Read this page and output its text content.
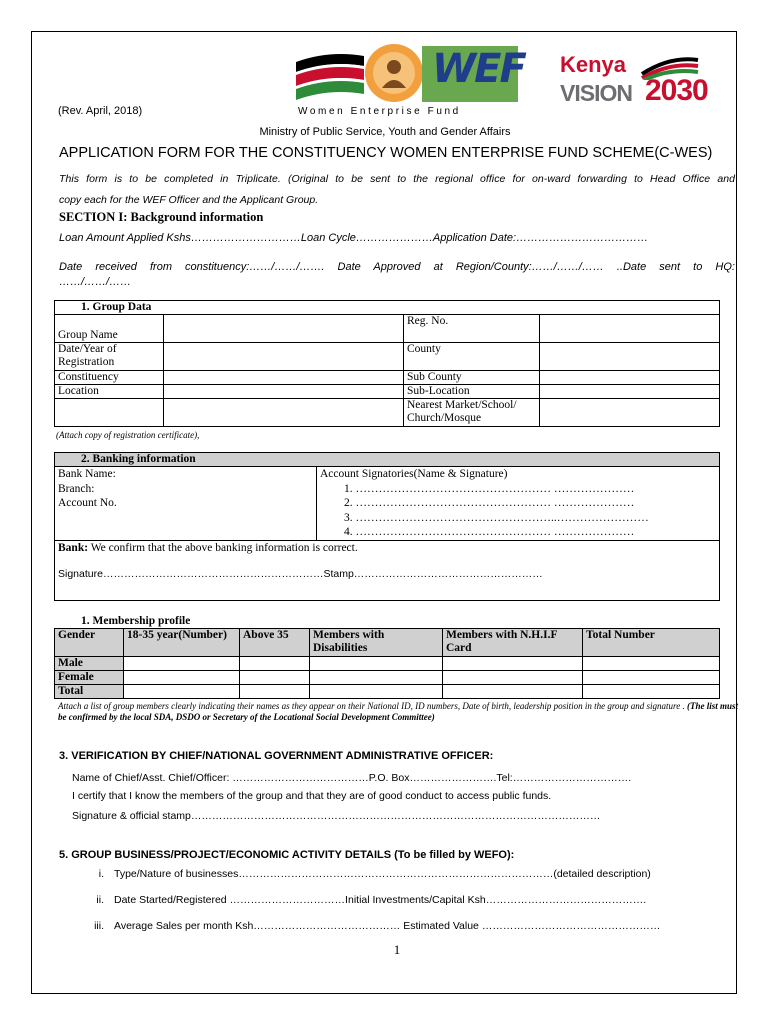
WEF
Women Enterprise Fund
Kenya
VISION 2030
(Rev. April, 2018)
Ministry of Public Service, Youth and Gender Affairs
APPLICATION FORM FOR THE CONSTITUENCY WOMEN ENTERPRISE FUND SCHEME(C-WES)
This form is to be completed in Triplicate. (Original to be sent to the regional office for on-ward forwarding to Head Office and
copy each for the WEF Officer and the Applicant Group.
SECTION I: Background information
Loan Amount Applied Kshs…………………………Loan Cycle…………………Application Date:………………………………
Date received from constituency:……/……/……. Date Approved at Region/County:……/……/…… ..Date sent to HQ:
……/……/……
1. Group Data			
Group Name		Reg. No.	
Date/Year of Registration		County	
Constituency		Sub County	
Location		Sub-Location	
		Nearest Market/School/ Church/Mosque	
(Attach copy of registration certificate),
2. Banking information

Bank Name:
Branch:
Account No.

Account Signatories(Name & Signature)
1. …………………………………………… …………………
2. …………………………………………… …………………
3. ……………………………………………..……………………
4. …………………………………………… …………………

Bank: We confirm that the above banking information is correct.
Signature………………………………………………………Stamp………………………………………………
1. Membership profile
Gender	18-35 year(Number)	Above 35	Members with Disabilities	Members with N.H.I.F Card	Total Number
Male					
Female					
Total					
Attach a list of group members clearly indicating their names as they appear on their National ID, ID numbers, Date of birth, leadership position in the group and signature . (The list must be confirmed by the local SDA, DSDO or Secretary of the Locational Social Development Committee)
3. VERIFICATION BY CHIEF/NATIONAL GOVERNMENT ADMINISTRATIVE OFFICER:
Name of Chief/Asst. Chief/Officer: …………………………………P.O. Box…………………….Tel:…………………………….
I certify that I know the members of the group and that they are of good conduct to access public funds.
Signature & official stamp………………………………………………………………………………………………………
5. GROUP BUSINESS/PROJECT/ECONOMIC ACTIVITY DETAILS (To be filled by WEFO):
i. Type/Nature of businesses………………………………………………………………………………(detailed description)
ii. Date Started/Registered ……………………………Initial Investments/Capital Ksh……………………………………….
iii. Average Sales per month Ksh…………………………………… Estimated Value ……………………………………………
1
